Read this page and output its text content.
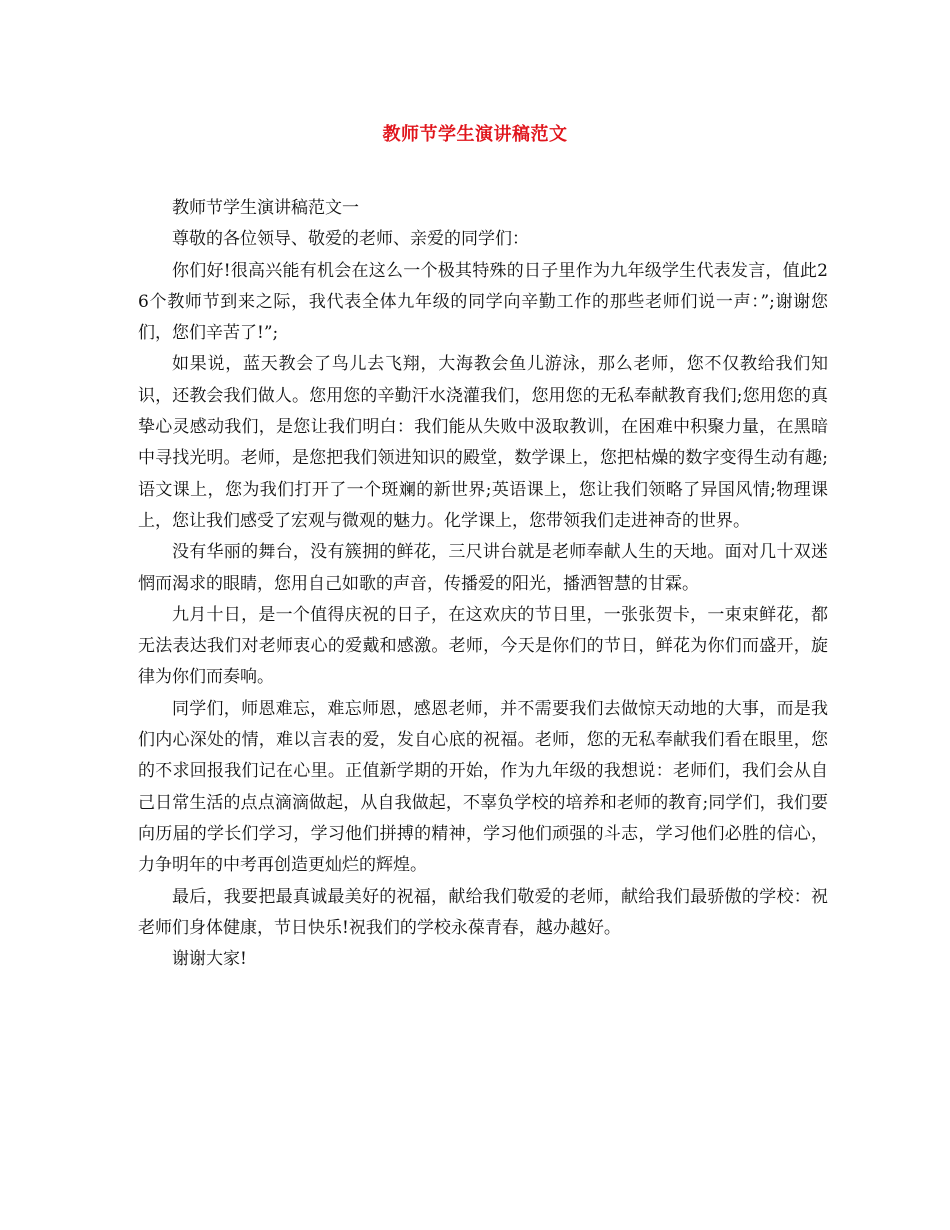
教师节学生演讲稿范文

教师节学生演讲稿范文一

尊敬的各位领导、敬爱的老师、亲爱的同学们：

你们好!很高兴能有机会在这么一个极其特殊的日子里作为九年级学生代表发言，值此26个教师节到来之际，我代表全体九年级的同学向辛勤工作的那些老师们说一声：”;谢谢您们，您们辛苦了!”;

如果说，蓝天教会了鸟儿去飞翔，大海教会鱼儿游泳，那么老师，您不仅教给我们知识，还教会我们做人。您用您的辛勤汗水浇灌我们，您用您的无私奉献教育我们;您用您的真挚心灵感动我们，是您让我们明白：我们能从失败中汲取教训，在困难中积聚力量，在黑暗中寻找光明。老师，是您把我们领进知识的殿堂，数学课上，您把枯燥的数字变得生动有趣;语文课上，您为我们打开了一个斑斓的新世界;英语课上，您让我们领略了异国风情;物理课上，您让我们感受了宏观与微观的魅力。化学课上，您带领我们走进神奇的世界。

没有华丽的舞台，没有簇拥的鲜花，三尺讲台就是老师奉献人生的天地。面对几十双迷惘而渴求的眼睛，您用自己如歌的声音，传播爱的阳光，播洒智慧的甘霖。

九月十日，是一个值得庆祝的日子，在这欢庆的节日里，一张张贺卡，一束束鲜花，都无法表达我们对老师衷心的爱戴和感激。老师，今天是你们的节日，鲜花为你们而盛开，旋律为你们而奏响。

同学们，师恩难忘，难忘师恩，感恩老师，并不需要我们去做惊天动地的大事，而是我们内心深处的情，难以言表的爱，发自心底的祝福。老师，您的无私奉献我们看在眼里，您的不求回报我们记在心里。正值新学期的开始，作为九年级的我想说：老师们，我们会从自己日常生活的点点滴滴做起，从自我做起，不辜负学校的培养和老师的教育;同学们，我们要向历届的学长们学习，学习他们拼搏的精神，学习他们顽强的斗志，学习他们必胜的信心，力争明年的中考再创造更灿烂的辉煌。

最后，我要把最真诚最美好的祝福，献给我们敬爱的老师，献给我们最骄傲的学校：祝老师们身体健康，节日快乐!祝我们的学校永葆青春，越办越好。

谢谢大家!
